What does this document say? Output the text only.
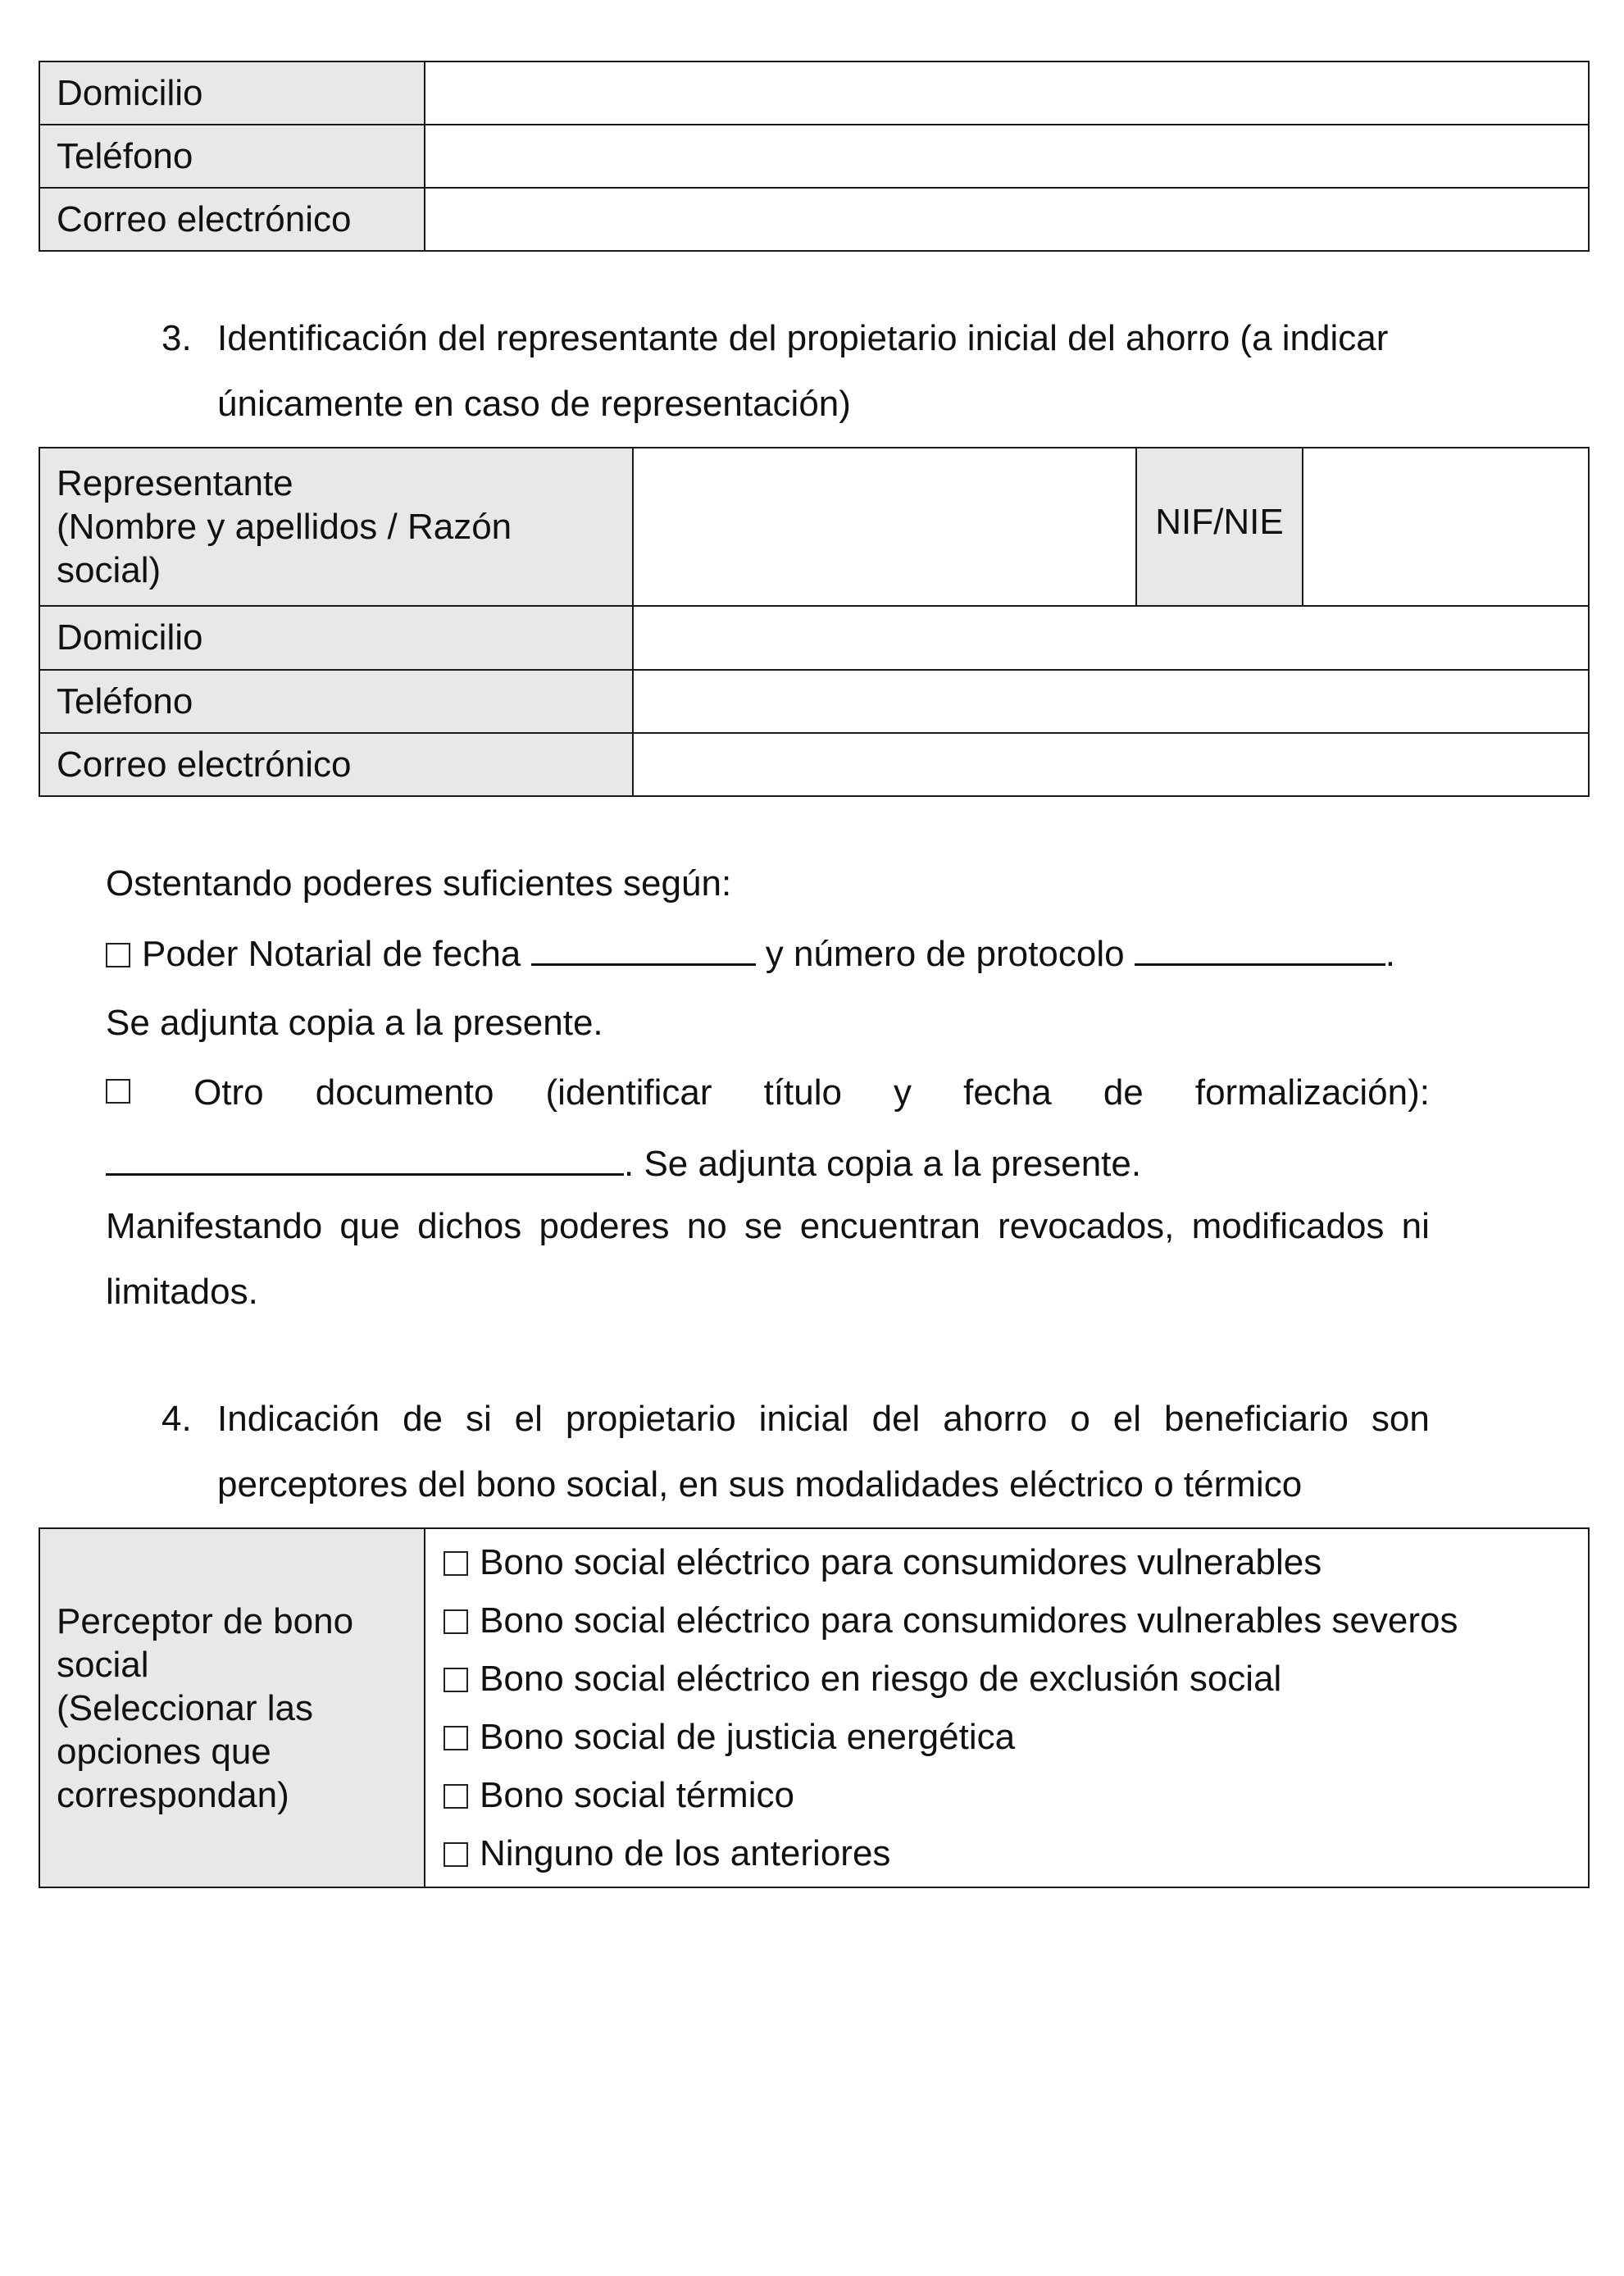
Domicilio	
Teléfono	
Correo electrónico	
3. Identificación del representante del propietario inicial del ahorro (a indicar
únicamente en caso de representación)
Representante
(Nombre y apellidos / Razón
social)		NIF/NIE	
Domicilio			
Teléfono			
Correo electrónico			
Ostentando poderes suficientes según:
Poder Notarial de fecha	y número de protocolo	.
Se adjunta copia a la presente.
Otro documento (identificar título y fecha de formalización):
. Se adjunta copia a la presente.
Manifestando que dichos poderes no se encuentran revocados, modificados ni
limitados.
4. Indicación de si el propietario inicial del ahorro o el beneficiario son
perceptores del bono social, en sus modalidades eléctrico o térmico
Perceptor de bono
social
(Seleccionar las
opciones que
correspondan)

Bono social eléctrico para consumidores vulnerables
Bono social eléctrico para consumidores vulnerables severos
Bono social eléctrico en riesgo de exclusión social
Bono social de justicia energética
Bono social térmico
Ninguno de los anteriores
